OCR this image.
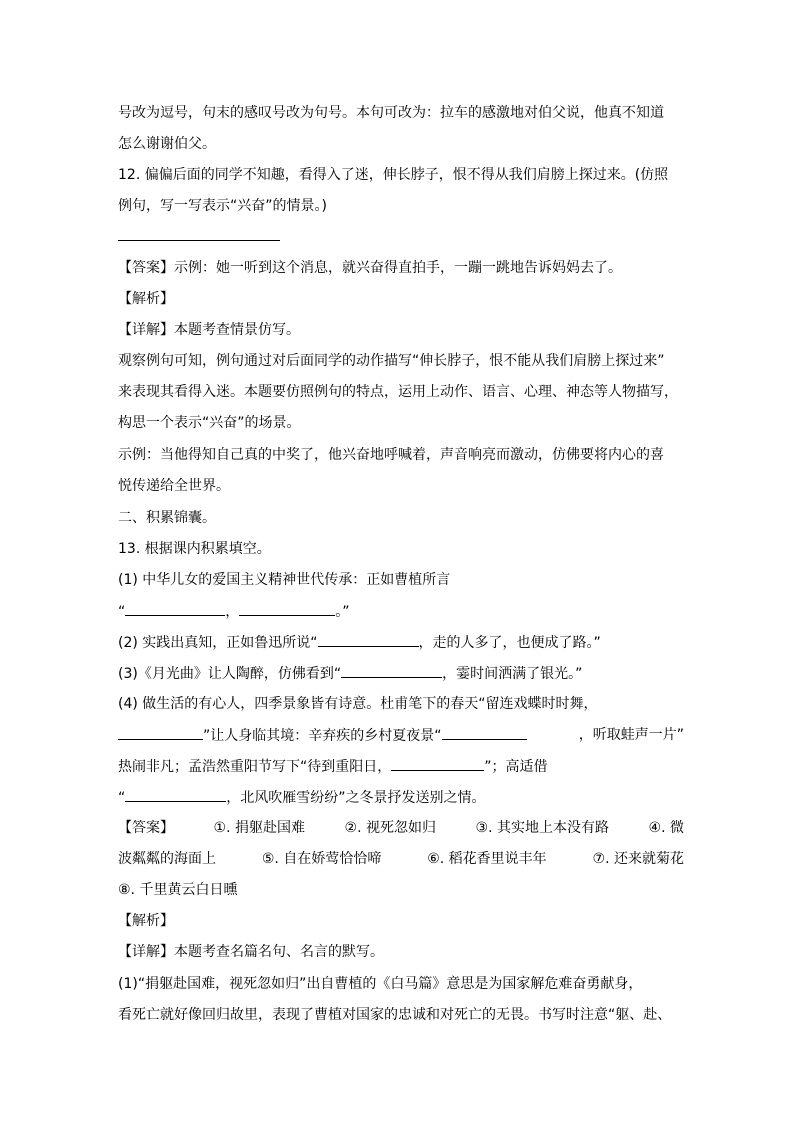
号改为逗号，句末的感叹号改为句号。本句可改为：拉车的感激地对伯父说，他真不知道
怎么谢谢伯父。
12. 偏偏后面的同学不知趣，看得入了迷，伸长脖子，恨不得从我们肩膀上探过来。(仿照
例句，写一写表示“兴奋”的情景。)
【答案】示例：她一听到这个消息，就兴奋得直拍手，一蹦一跳地告诉妈妈去了。
【解析】
【详解】本题考查情景仿写。
观察例句可知，例句通过对后面同学的动作描写“伸长脖子，恨不能从我们肩膀上探过来”
来表现其看得入迷。本题要仿照例句的特点，运用上动作、语言、心理、神态等人物描写，
构思一个表示“兴奋”的场景。
示例：当他得知自己真的中奖了，他兴奋地呼喊着，声音响亮而激动，仿佛要将内心的喜
悦传递给全世界。
二、积累锦囊。
13. 根据课内积累填空。
(1) 中华儿女的爱国主义精神世代传承：正如曹植所言
“	，	。”
(2) 实践出真知，正如鲁迅所说“	，走的人多了，也便成了路。”
(3)《月光曲》让人陶醉，仿佛看到“	，霎时间洒满了银光。”
(4) 做生活的有心人，四季景象皆有诗意。杜甫笔下的春天“留连戏蝶时时舞，
”让人身临其境：辛弃疾的乡村夏夜景“	，听取蛙声一片”
热闹非凡；孟浩然重阳节写下“待到重阳日，	”；高适借
“	，北风吹雁雪纷纷”之冬景抒发送别之情。
【答案】	①. 捐躯赴国难	②. 视死忽如归	③. 其实地上本没有路	④. 微
波粼粼的海面上	⑤. 自在娇莺恰恰啼	⑥. 稻花香里说丰年	⑦. 还来就菊花
⑧. 千里黄云白日曛
【解析】
【详解】本题考查名篇名句、名言的默写。
(1)“捐躯赴国难，视死忽如归”出自曹植的《白马篇》意思是为国家解危难奋勇献身，
看死亡就好像回归故里，表现了曹植对国家的忠诚和对死亡的无畏。书写时注意“躯、赴、
